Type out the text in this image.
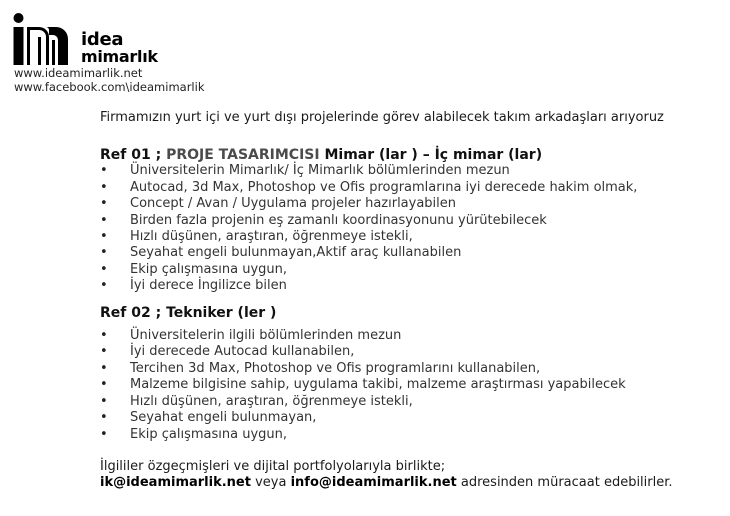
idea
mimarlık
www.ideamimarlik.net
www.facebook.com\ideamimarlik

Firmamızın yurt içi ve yurt dışı projelerinde görev alabilecek takım arkadaşları arıyoruz

Ref 01 ; PROJE TASARIMCISI Mimar (lar ) – İç mimar (lar)
• Üniversitelerin Mimarlık/ İç Mimarlık bölümlerinden mezun
• Autocad, 3d Max, Photoshop ve Ofis programlarına iyi derecede hakim olmak,
• Concept / Avan / Uygulama projeler hazırlayabilen
• Birden fazla projenin eş zamanlı koordinasyonunu yürütebilecek
• Hızlı düşünen, araştıran, öğrenmeye istekli,
• Seyahat engeli bulunmayan,Aktif araç kullanabilen
• Ekip çalışmasına uygun,
• İyi derece İngilizce bilen
Ref 02 ; Tekniker (ler )
• Üniversitelerin ilgili bölümlerinden mezun
• İyi derecede Autocad kullanabilen,
• Tercihen 3d Max, Photoshop ve Ofis programlarını kullanabilen,
• Malzeme bilgisine sahip, uygulama takibi, malzeme araştırması yapabilecek
• Hızlı düşünen, araştıran, öğrenmeye istekli,
• Seyahat engeli bulunmayan,
• Ekip çalışmasına uygun,
İlgililer özgeçmişleri ve dijital portfolyolarıyla birlikte;
ik@ideamimarlik.net veya info@ideamimarlik.net adresinden müracaat edebilirler.
